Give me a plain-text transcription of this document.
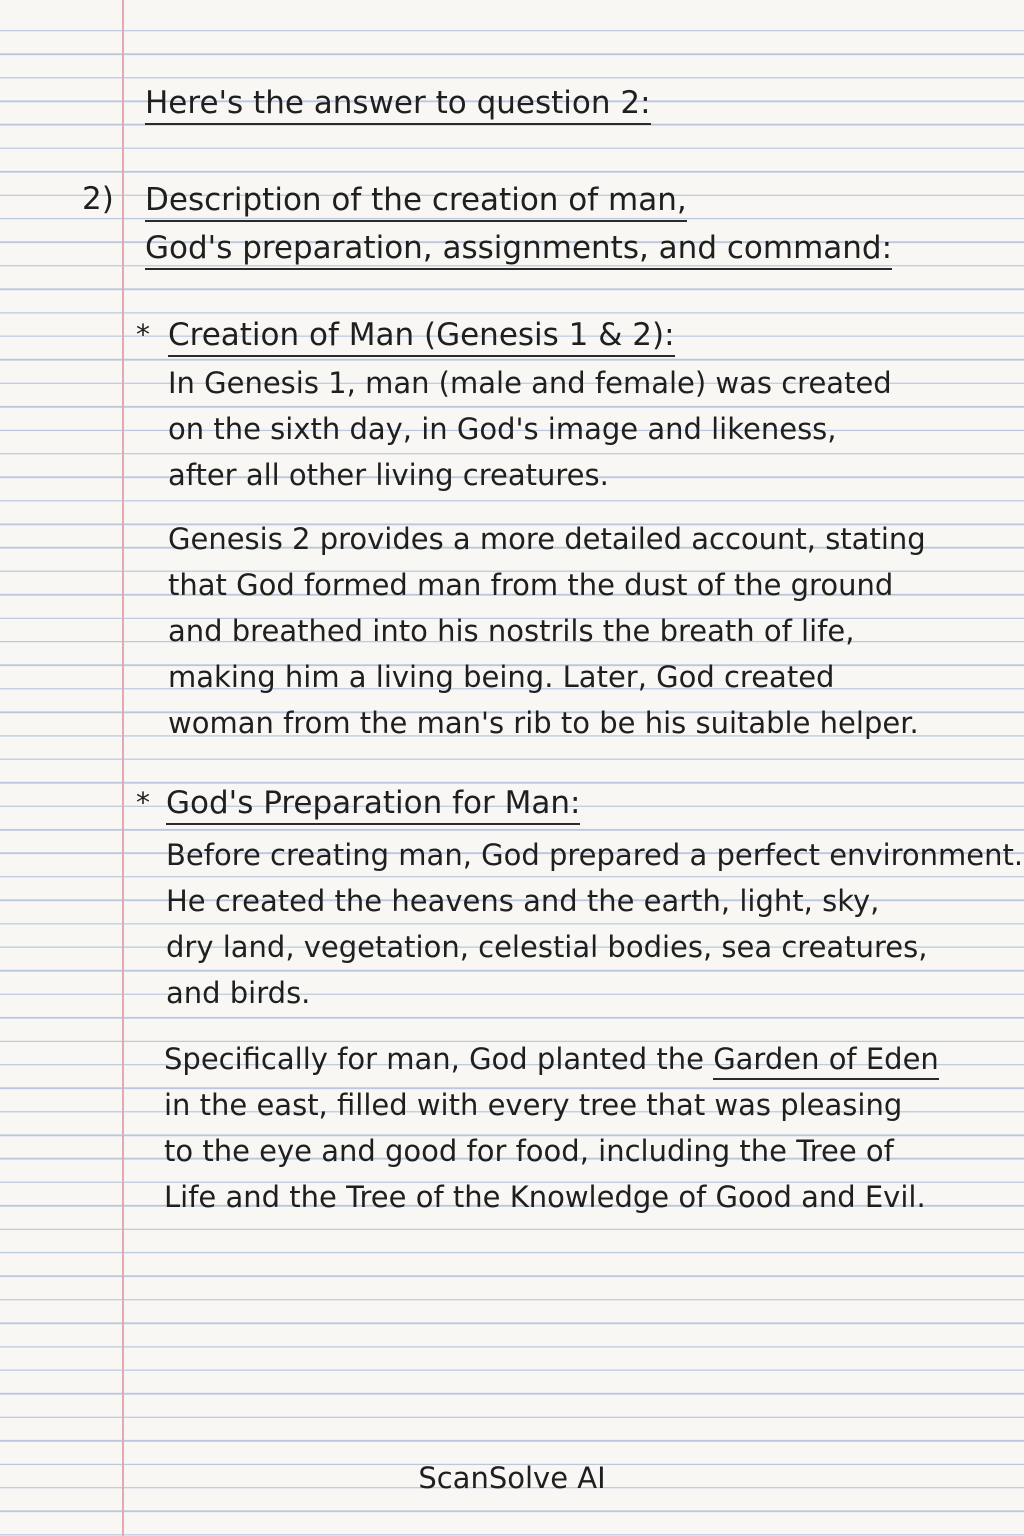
Here's the answer to question 2:
2) Description of the creation of man,
God's preparation, assignments, and command:
* Creation of Man (Genesis 1 & 2):
In Genesis 1, man (male and female) was created
on the sixth day, in God's image and likeness,
after all other living creatures.
Genesis 2 provides a more detailed account, stating
that God formed man from the dust of the ground
and breathed into his nostrils the breath of life,
making him a living being. Later, God created
woman from the man's rib to be his suitable helper.
* God's Preparation for Man:
Before creating man, God prepared a perfect environment.
He created the heavens and the earth, light, sky,
dry land, vegetation, celestial bodies, sea creatures,
and birds.
Specifically for man, God planted the Garden of Eden
in the east, filled with every tree that was pleasing
to the eye and good for food, including the Tree of
Life and the Tree of the Knowledge of Good and Evil.
ScanSolve AI
